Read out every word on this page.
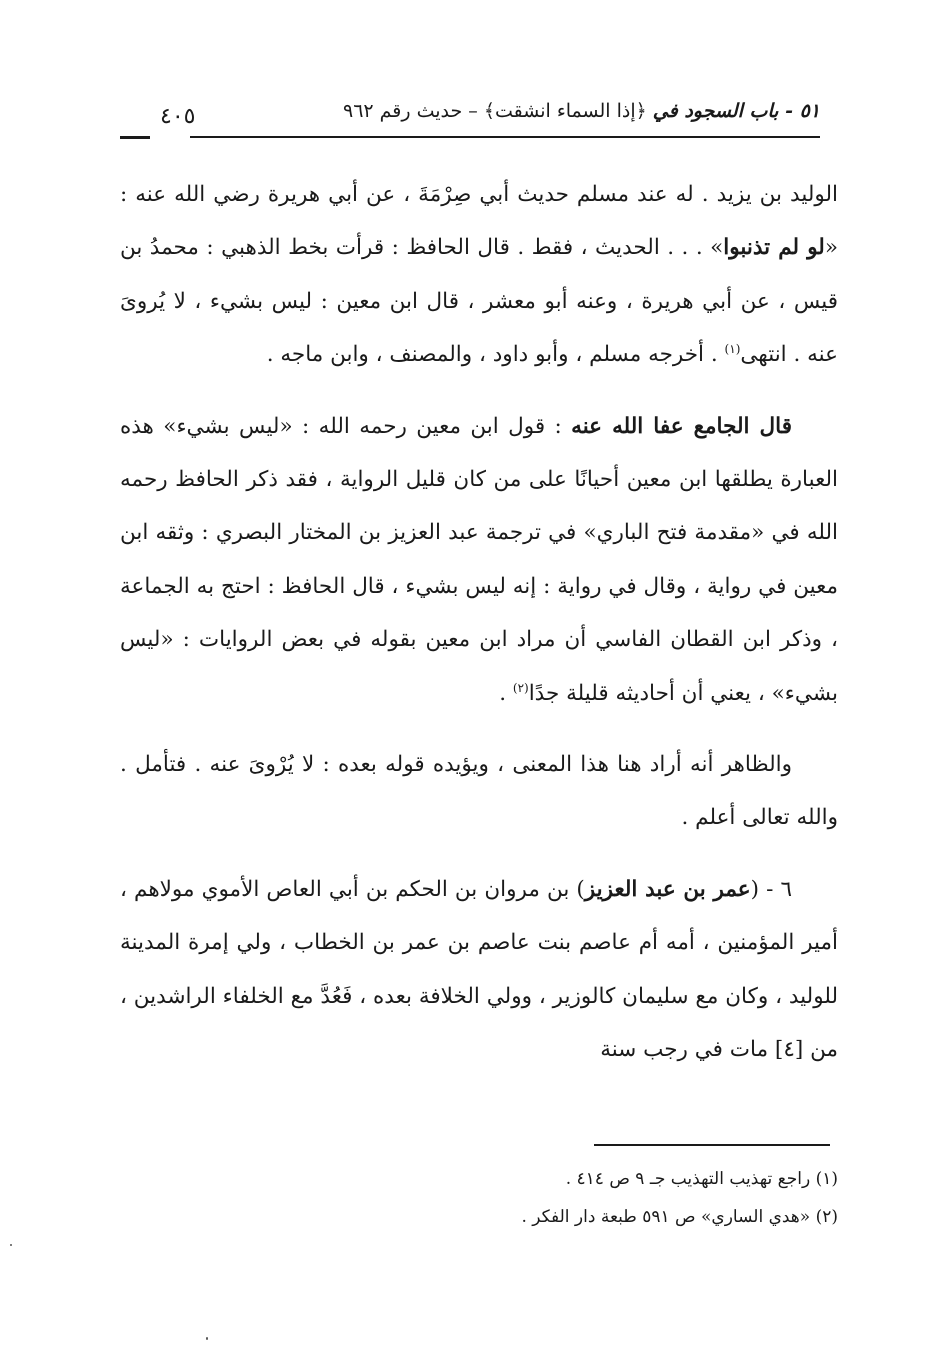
٤٠٥	٥١ - باب السجود في ﴿إذا السماء انشقت﴾ – حديث رقم ٩٦٢

الوليد بن يزيد . له عند مسلم حديث أبي صِرْمَةَ ، عن أبي هريرة رضي الله عنه : «لو لم تذنبوا» . . . الحديث ، فقط . قال الحافظ : قرأت بخط الذهبي : محمدُ بن قيس ، عن أبي هريرة ، وعنه أبو معشر ، قال ابن معين : ليس بشيء ، لا يُروىَ عنه . انتهى$^{(١)}$ . أخرجه مسلم ، وأبو داود ، والمصنف ، وابن ماجه .

قال الجامع عفا الله عنه : قول ابن معين رحمه الله : «ليس بشيء» هذه العبارة يطلقها ابن معين أحيانًا على من كان قليل الرواية ، فقد ذكر الحافظ رحمه الله في «مقدمة فتح الباري» في ترجمة عبد العزيز بن المختار البصري : وثقه ابن معين في رواية ، وقال في رواية : إنه ليس بشيء ، قال الحافظ : احتج به الجماعة ، وذكر ابن القطان الفاسي أن مراد ابن معين بقوله في بعض الروايات : «ليس بشيء» ، يعني أن أحاديثه قليلة جدًا$^{(٢)}$ .

والظاهر أنه أراد هنا هذا المعنى ، ويؤيده قوله بعده : لا يُرْوىَ عنه . فتأمل . والله تعالى أعلم .

٦ - (عمر بن عبد العزيز) بن مروان بن الحكم بن أبي العاص الأموي مولاهم ، أمير المؤمنين ، أمه أم عاصم بنت عاصم بن عمر بن الخطاب ، ولي إمرة المدينة للوليد ، وكان مع سليمان كالوزير ، وولي الخلافة بعده ، فَعُدَّ مع الخلفاء الراشدين ، من [٤] مات في رجب سنة

(١) راجع تهذيب التهذيب جـ ٩ ص ٤١٤ .
(٢) «هدي الساري» ص ٥٩١ طبعة دار الفكر .
